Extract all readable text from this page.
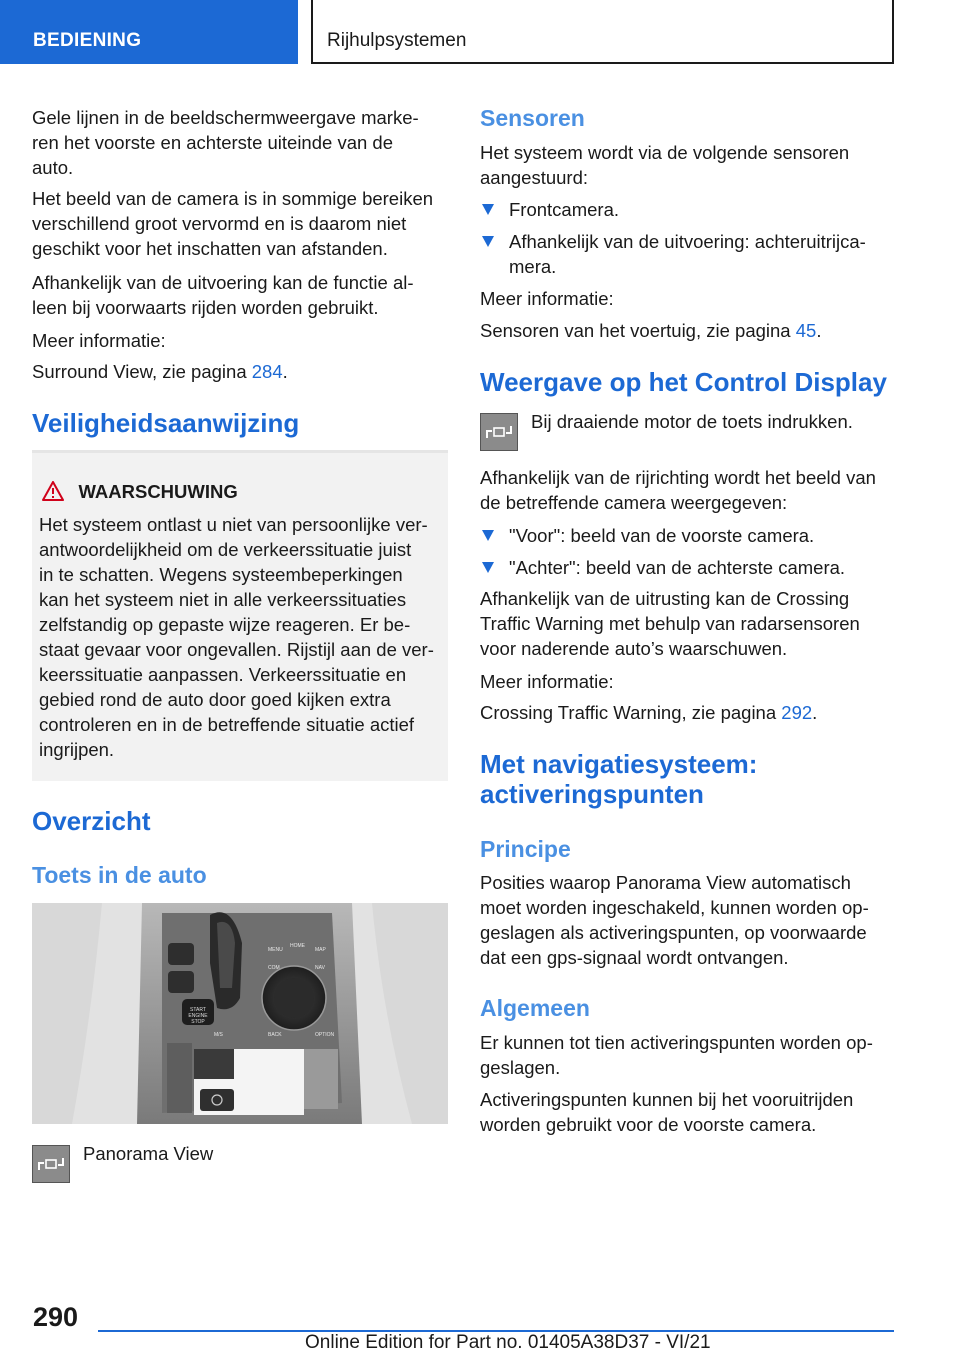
BEDIENING	Rijhulpsystemen

Gele lijnen in de beeldschermweergave marke-
ren het voorste en achterste uiteinde van de
auto.

Het beeld van de camera is in sommige bereiken
verschillend groot vervormd en is daarom niet
geschikt voor het inschatten van afstanden.

Afhankelijk van de uitvoering kan de functie al-
leen bij voorwaarts rijden worden gebruikt.

Meer informatie:

Surround View, zie pagina 284.

Veiligheidsaanwijzing
WAARSCHUWING

Het systeem ontlast u niet van persoonlijke ver-
antwoordelijkheid om de verkeerssituatie juist
in te schatten. Wegens systeembeperkingen
kan het systeem niet in alle verkeerssituaties
zelfstandig op gepaste wijze reageren. Er be-
staat gevaar voor ongevallen. Rijstijl aan de ver-
keerssituatie aanpassen. Verkeerssituatie en
gebied rond de auto door goed kijken extra
controleren en in de betreffende situatie actief
ingrijpen.

Overzicht
Toets in de auto
START
ENGINE
STOP
MENU
HOME
MAP
COM	NAV
BACK	OPTION
M/S

Panorama View

Sensoren

Het systeem wordt via de volgende sensoren
aangestuurd:

Frontcamera.

Afhankelijk van de uitvoering: achteruitrijca-
mera.

Meer informatie:

Sensoren van het voertuig, zie pagina 45.

Weergave op het Control Display

Bij draaiende motor de toets indrukken.

Afhankelijk van de rijrichting wordt het beeld van
de betreffende camera weergegeven:

"Voor": beeld van de voorste camera.

"Achter": beeld van de achterste camera.

Afhankelijk van de uitrusting kan de Crossing
Traffic Warning met behulp van radarsensoren
voor naderende auto’s waarschuwen.

Meer informatie:

Crossing Traffic Warning, zie pagina 292.

Met navigatiesysteem:
activeringspunten
Principe

Posities waarop Panorama View automatisch
moet worden ingeschakeld, kunnen worden op-
geslagen als activeringspunten, op voorwaarde
dat een gps-signaal wordt ontvangen.

Algemeen

Er kunnen tot tien activeringspunten worden op-
geslagen.

Activeringspunten kunnen bij het vooruitrijden
worden gebruikt voor de voorste camera.

290
Online Edition for Part no. 01405A38D37 - VI/21
